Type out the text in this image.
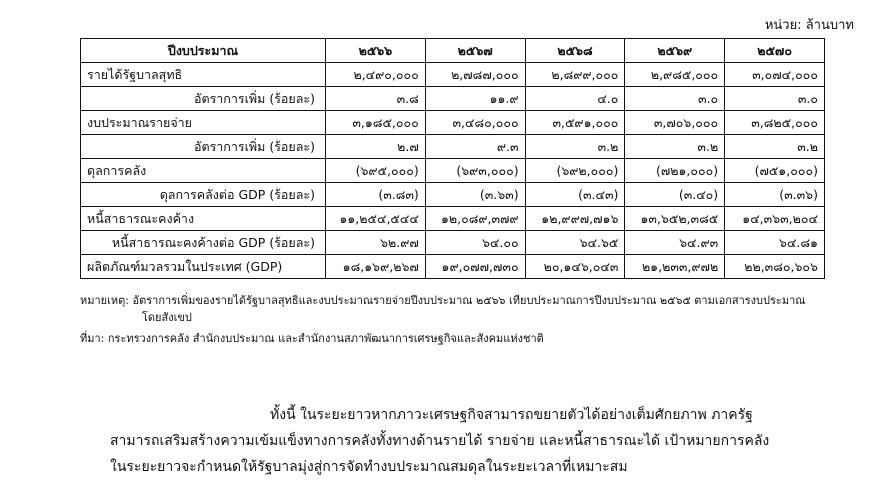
หน่วย: ล้านบาท
ปีงบประมาณ	๒๕๖๖	๒๕๖๗	๒๕๖๘	๒๕๖๙	๒๕๗๐
รายได้รัฐบาลสุทธิ	๒,๔๙๐,๐๐๐	๒,๗๘๗,๐๐๐	๒,๘๙๙,๐๐๐	๒,๙๘๕,๐๐๐	๓,๐๗๔,๐๐๐
อัตราการเพิ่ม (ร้อยละ)	๓.๘	๑๑.๙	๔.๐	๓.๐	๓.๐
งบประมาณรายจ่าย	๓,๑๘๕,๐๐๐	๓,๔๘๐,๐๐๐	๓,๕๙๑,๐๐๐	๓,๗๐๖,๐๐๐	๓,๘๒๕,๐๐๐
อัตราการเพิ่ม (ร้อยละ)	๒.๗	๙.๓	๓.๒	๓.๒	๓.๒
ดุลการคลัง	(๖๙๕,๐๐๐)	(๖๙๓,๐๐๐)	(๖๙๒,๐๐๐)	(๗๒๑,๐๐๐)	(๗๕๑,๐๐๐)
ดุลการคลังต่อ GDP (ร้อยละ)	(๓.๘๓)	(๓.๖๓)	(๓.๔๓)	(๓.๔๐)	(๓.๓๖)
หนี้สาธารณะคงค้าง	๑๑,๒๕๔,๕๔๔	๑๒,๐๘๙,๓๗๙	๑๒,๙๙๗,๗๑๖	๑๓,๖๕๒,๓๘๕	๑๔,๓๖๓,๒๐๔
หนี้สาธารณะคงค้างต่อ GDP (ร้อยละ)	๖๒.๙๗	๖๔.๐๐	๖๔.๖๕	๖๔.๙๓	๖๔.๘๑
ผลิตภัณฑ์มวลรวมในประเทศ (GDP)	๑๘,๑๖๙,๒๖๗	๑๙,๐๗๗,๗๓๐	๒๐,๑๔๖,๐๔๓	๒๑,๒๓๓,๙๗๒	๒๒,๓๘๐,๖๐๖
หมายเหตุ: อัตราการเพิ่มของรายได้รัฐบาลสุทธิและงบประมาณรายจ่ายปีงบประมาณ ๒๕๖๖ เทียบประมาณการปีงบประมาณ ๒๕๖๕ ตามเอกสารงบประมาณ
โดยสังเขป
ที่มา: กระทรวงการคลัง สำนักงบประมาณ และสำนักงานสภาพัฒนาการเศรษฐกิจและสังคมแห่งชาติ
ทั้งนี้ ในระยะยาวหากภาวะเศรษฐกิจสามารถขยายตัวได้อย่างเต็มศักยภาพ ภาครัฐ
สามารถเสริมสร้างความเข้มแข็งทางการคลังทั้งทางด้านรายได้ รายจ่าย และหนี้สาธารณะได้ เป้าหมายการคลัง
ในระยะยาวจะกำหนดให้รัฐบาลมุ่งสู่การจัดทำงบประมาณสมดุลในระยะเวลาที่เหมาะสม
